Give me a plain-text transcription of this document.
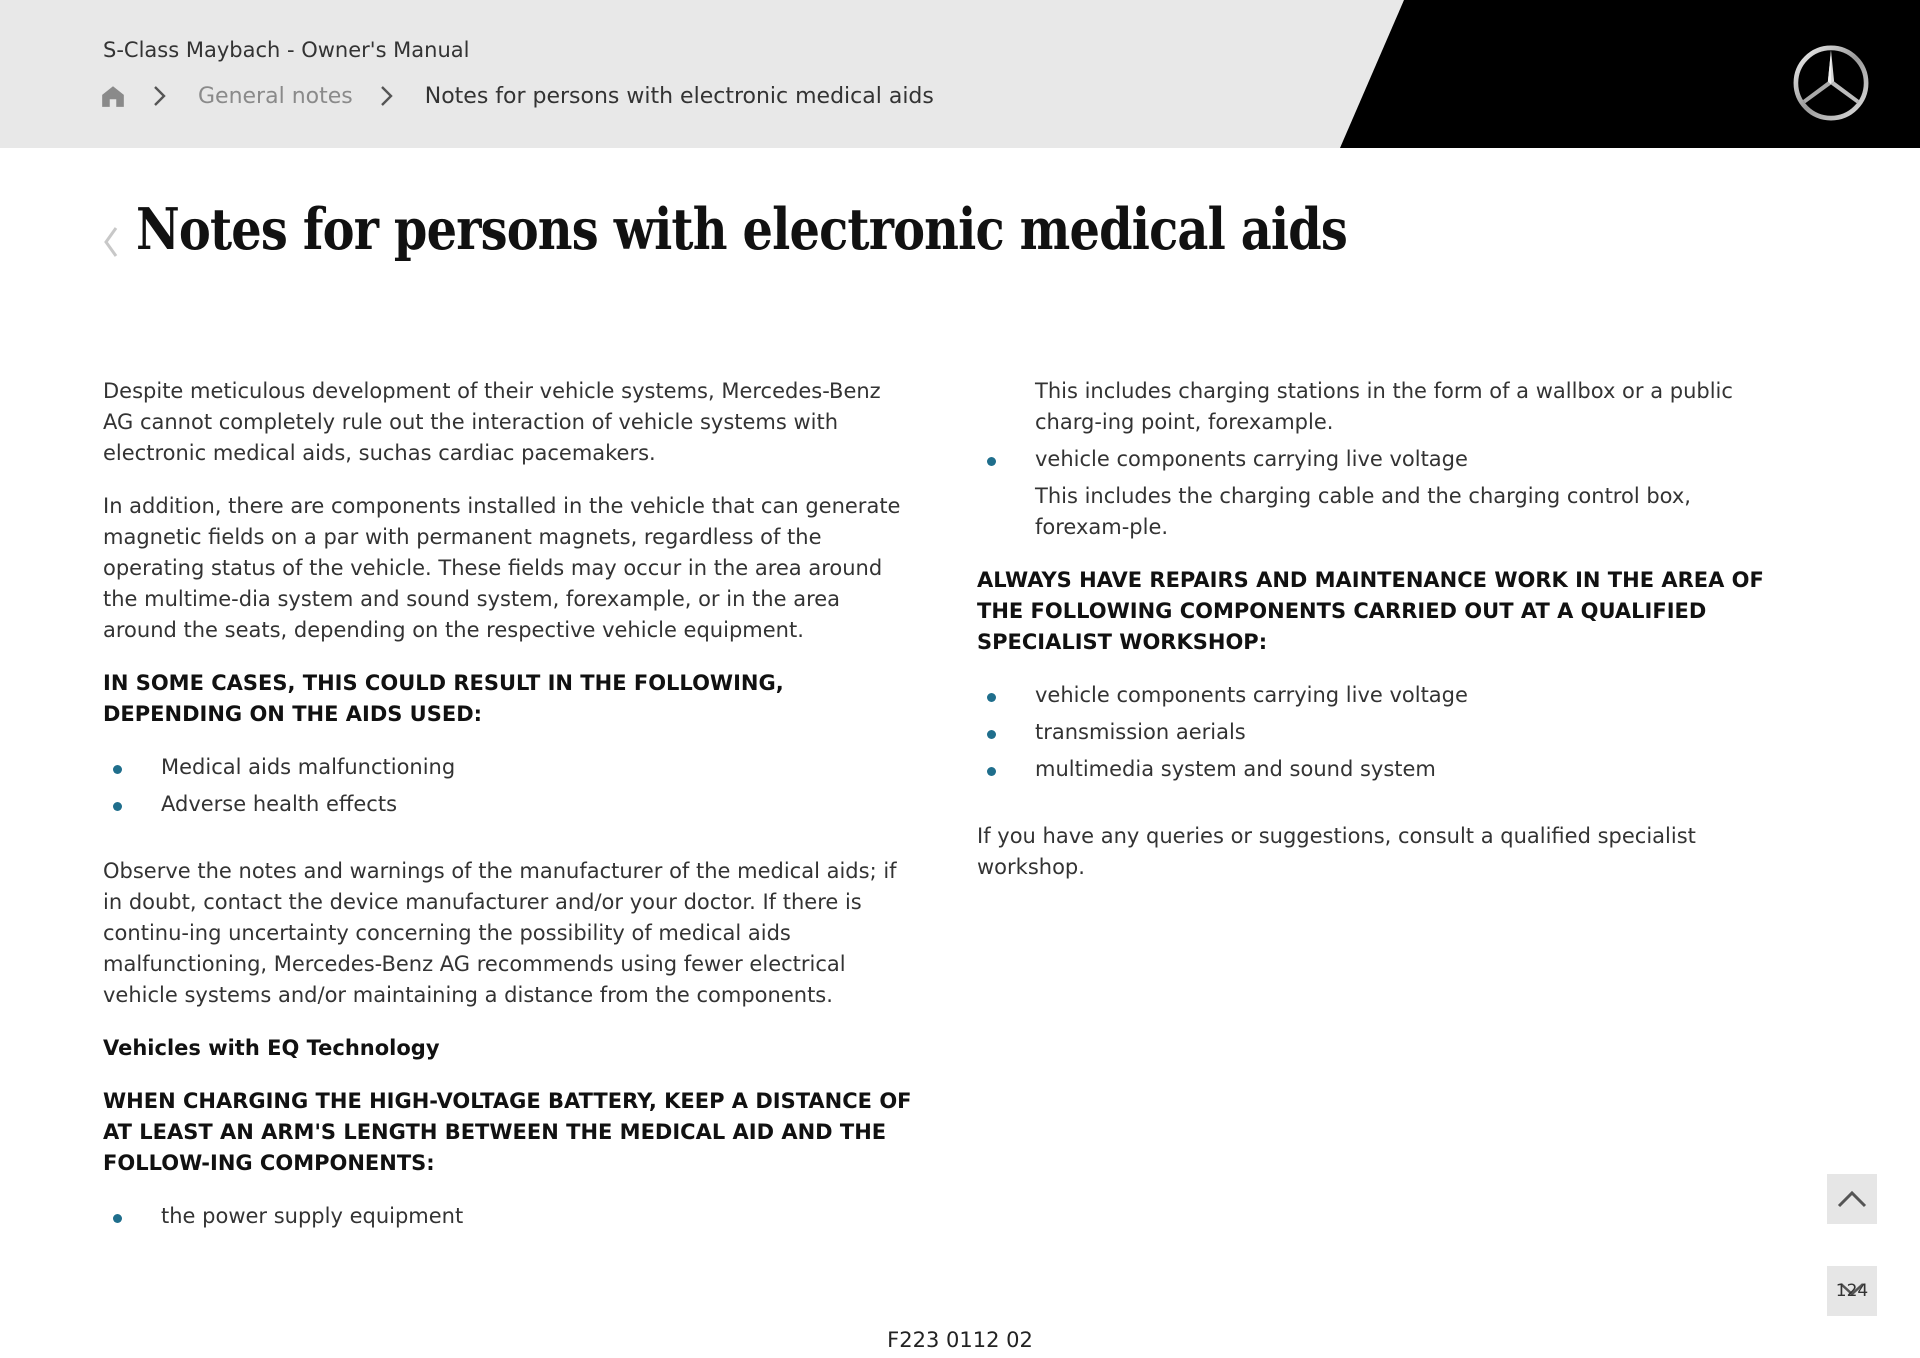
S-Class Maybach - Owner's Manual
General notes	Notes for persons with electronic medical aids
Notes for persons with electronic medical aids

Despite meticulous development of their vehicle systems, Mercedes-Benz AG cannot completely rule out the interaction of vehicle systems with electronic medical aids, suchas cardiac pacemakers.

In addition, there are components installed in the vehicle that can generate magnetic fields on a par with permanent magnets, regardless of the operating status of the vehicle. These fields may occur in the area around the multime-dia system and sound system, forexample, or in the area around the seats, depending on the respective vehicle equipment.

IN SOME CASES, THIS COULD RESULT IN THE FOLLOWING, DEPENDING ON THE AIDS USED:

Medical aids malfunctioning
Adverse health effects

Observe the notes and warnings of the manufacturer of the medical aids; if in doubt, contact the device manufacturer and/or your doctor. If there is continu-ing uncertainty concerning the possibility of medical aids malfunctioning, Mercedes-Benz AG recommends using fewer electrical vehicle systems and/or maintaining a distance from the components.

Vehicles with EQ Technology

WHEN CHARGING THE HIGH-VOLTAGE BATTERY, KEEP A DISTANCE OF AT LEAST AN ARM'S LENGTH BETWEEN THE MEDICAL AID AND THE FOLLOW-ING COMPONENTS:

the power supply equipment

This includes charging stations in the form of a wallbox or a public charg-ing point, forexample.

vehicle components carrying live voltage

This includes the charging cable and the charging control box, forexam-ple.

ALWAYS HAVE REPAIRS AND MAINTENANCE WORK IN THE AREA OF THE FOLLOWING COMPONENTS CARRIED OUT AT A QUALIFIED SPECIALIST WORKSHOP:

vehicle components carrying live voltage
transmission aerials
multimedia system and sound system

If you have any queries or suggestions, consult a qualified specialist workshop.

124
F223 0112 02
